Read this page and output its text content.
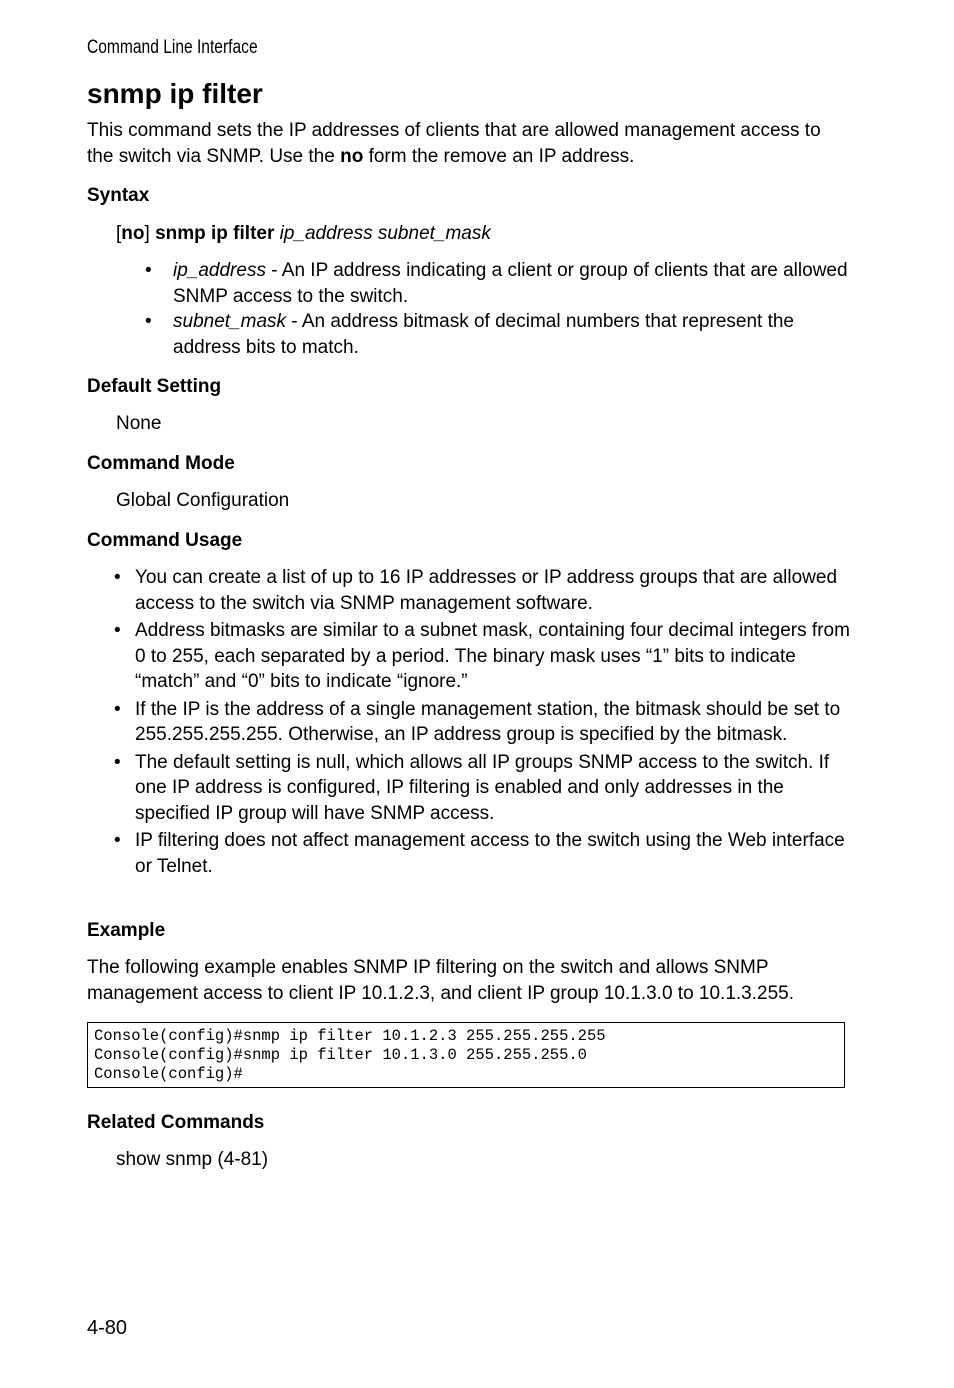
Command Line Interface
snmp ip filter

This command sets the IP addresses of clients that are allowed management access to the switch via SNMP. Use the no form the remove an IP address.

Syntax
[no] snmp ip filter ip_address subnet_mask
• ip_address - An IP address indicating a client or group of clients that are allowed SNMP access to the switch.
• subnet_mask - An address bitmask of decimal numbers that represent the address bits to match.
Default Setting
None
Command Mode
Global Configuration
Command Usage
• You can create a list of up to 16 IP addresses or IP address groups that are allowed access to the switch via SNMP management software.
• Address bitmasks are similar to a subnet mask, containing four decimal integers from 0 to 255, each separated by a period. The binary mask uses “1” bits to indicate “match” and “0” bits to indicate “ignore.”
• If the IP is the address of a single management station, the bitmask should be set to 255.255.255.255. Otherwise, an IP address group is specified by the bitmask.
• The default setting is null, which allows all IP groups SNMP access to the switch. If one IP address is configured, IP filtering is enabled and only addresses in the specified IP group will have SNMP access.
• IP filtering does not affect management access to the switch using the Web interface or Telnet.
Example

The following example enables SNMP IP filtering on the switch and allows SNMP management access to client IP 10.1.2.3, and client IP group 10.1.3.0 to 10.1.3.255.

Console(config)#snmp ip filter 10.1.2.3 255.255.255.255
Console(config)#snmp ip filter 10.1.3.0 255.255.255.0
Console(config)#
Related Commands
show snmp (4-81)
4-80
